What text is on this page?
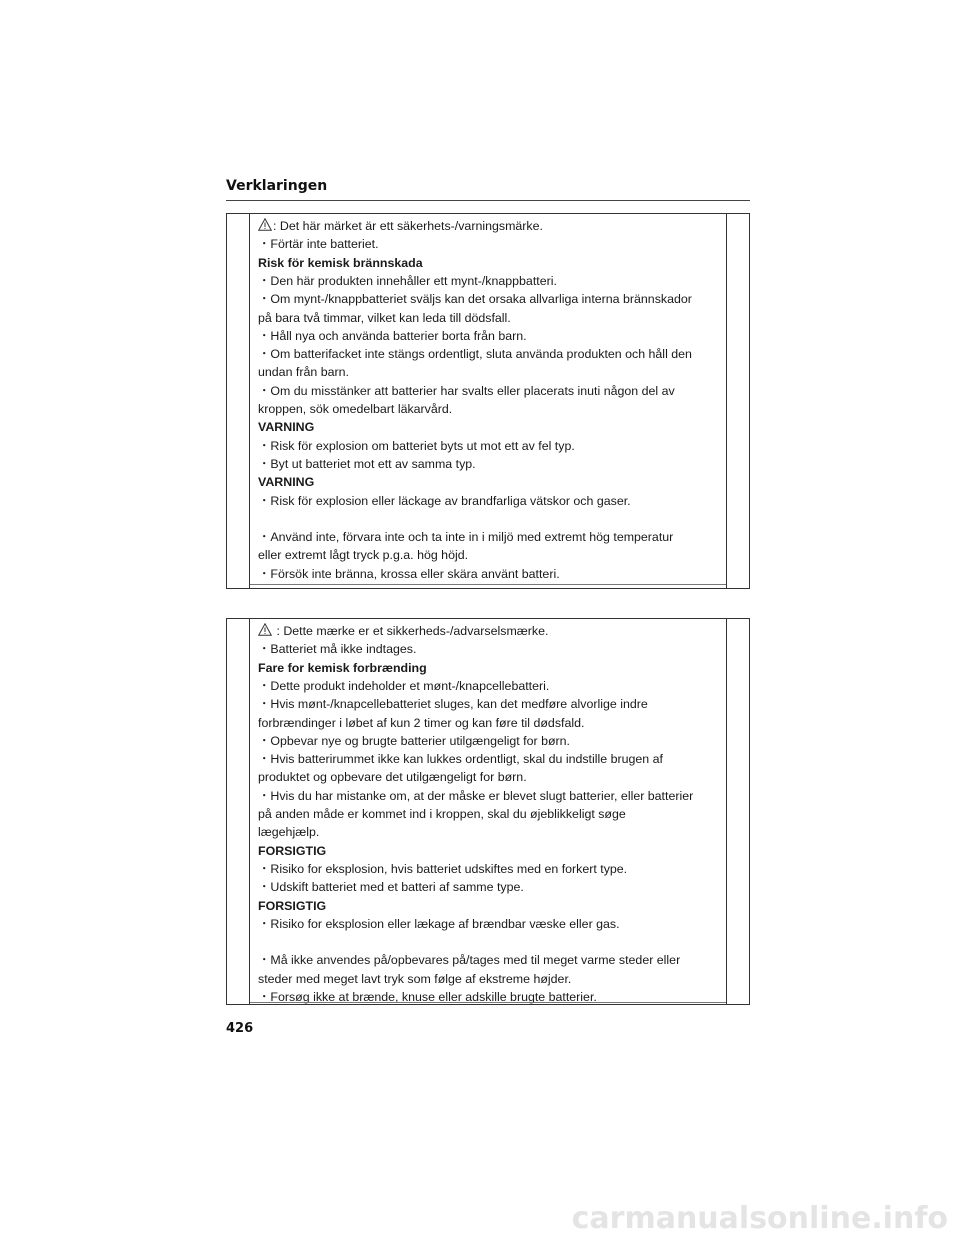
Verklaringen
: Det här märket är ett säkerhets-/varningsmärke.
・Förtär inte batteriet.
Risk för kemisk brännskada
・Den här produkten innehåller ett mynt-/knappbatteri.
・Om mynt-/knappbatteriet sväljs kan det orsaka allvarliga interna brännskador
på bara två timmar, vilket kan leda till dödsfall.
・Håll nya och använda batterier borta från barn.
・Om batterifacket inte stängs ordentligt, sluta använda produkten och håll den
undan från barn.
・Om du misstänker att batterier har svalts eller placerats inuti någon del av
kroppen, sök omedelbart läkarvård.
VARNING
・Risk för explosion om batteriet byts ut mot ett av fel typ.
・Byt ut batteriet mot ett av samma typ.
VARNING
・Risk för explosion eller läckage av brandfarliga vätskor och gaser.
・Använd inte, förvara inte och ta inte in i miljö med extremt hög temperatur
eller extremt lågt tryck p.g.a. hög höjd.
・Försök inte bränna, krossa eller skära använt batteri.
: Dette mærke er et sikkerheds-/advarselsmærke.
・Batteriet må ikke indtages.
Fare for kemisk forbrænding
・Dette produkt indeholder et mønt-/knapcellebatteri.
・Hvis mønt-/knapcellebatteriet sluges, kan det medføre alvorlige indre
forbrændinger i løbet af kun 2 timer og kan føre til dødsfald.
・Opbevar nye og brugte batterier utilgængeligt for børn.
・Hvis batterirummet ikke kan lukkes ordentligt, skal du indstille brugen af
produktet og opbevare det utilgængeligt for børn.
・Hvis du har mistanke om, at der måske er blevet slugt batterier, eller batterier
på anden måde er kommet ind i kroppen, skal du øjeblikkeligt søge
lægehjælp.
FORSIGTIG
・Risiko for eksplosion, hvis batteriet udskiftes med en forkert type.
・Udskift batteriet med et batteri af samme type.
FORSIGTIG
・Risiko for eksplosion eller lækage af brændbar væske eller gas.
・Må ikke anvendes på/opbevares på/tages med til meget varme steder eller
steder med meget lavt tryk som følge af ekstreme højder.
・Forsøg ikke at brænde, knuse eller adskille brugte batterier.
426
carmanualsonline.info
